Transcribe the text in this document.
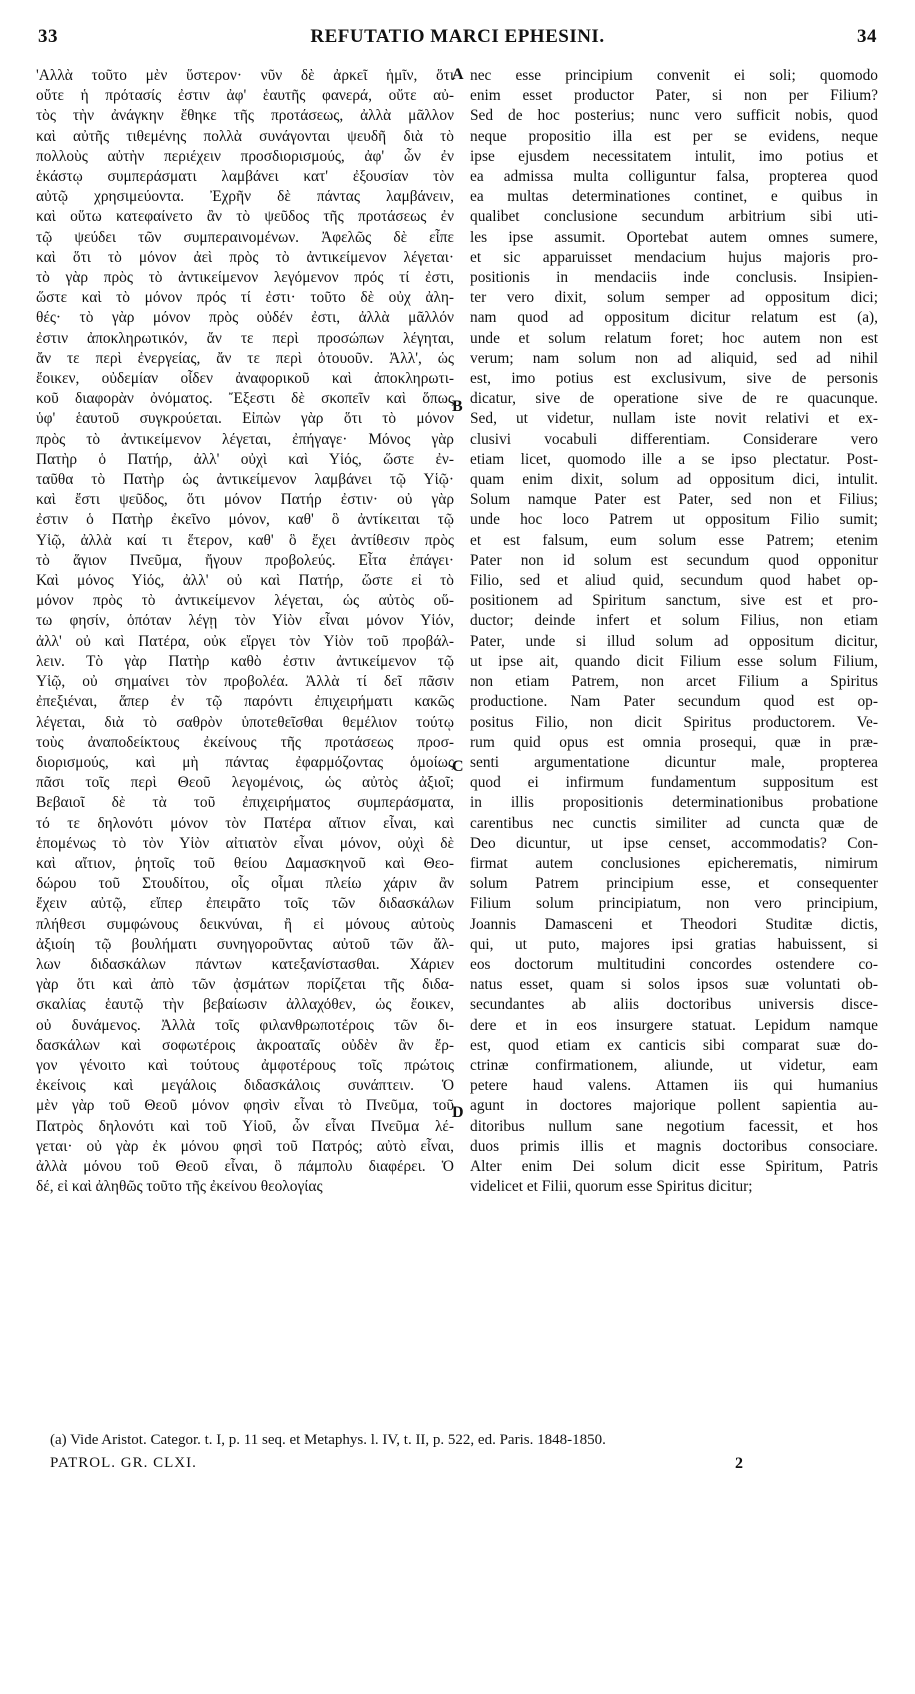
33	REFUTATIO MARCI EPHESINI.	34
'Αλλὰ τοῦτο μὲν ὕστερον· νῦν δὲ ἀρκεῖ ἡμῖν, ὅτι
οὔτε ἡ πρότασίς ἐστιν ἀφ' ἑαυτῆς φανερά, οὔτε αὐ-
τὸς τὴν ἀνάγκην ἔθηκε τῆς προτάσεως, ἀλλὰ μᾶλλον
καὶ αὐτῆς τιθεμένης πολλὰ συνάγονται ψευδῆ διὰ τὸ
πολλοὺς αὐτὴν περιέχειν προσδιορισμούς, ἀφ' ὧν ἐν
ἑκάστῳ συμπεράσματι λαμβάνει κατ' ἐξουσίαν τὸν
αὐτῷ χρησιμεύοντα. Ἐχρῆν δὲ πάντας λαμβάνειν,
καὶ οὕτω κατεφαίνετο ἂν τὸ ψεῦδος τῆς προτάσεως ἐν
τῷ ψεύδει τῶν συμπεραινομένων. Ἀφελῶς δὲ εἶπε
καὶ ὅτι τὸ μόνον ἀεὶ πρὸς τὸ ἀντικείμενον λέγεται·
τὸ γὰρ πρὸς τὸ ἀντικείμενον λεγόμενον πρός τί ἐστι,
ὥστε καὶ τὸ μόνον πρός τί ἐστι· τοῦτο δὲ οὐχ ἀλη-
θές· τὸ γὰρ μόνον πρὸς οὐδέν ἐστι, ἀλλὰ μᾶλλόν
ἐστιν ἀποκληρωτικόν, ἄν τε περὶ προσώπων λέγηται,
ἄν τε περὶ ἐνεργείας, ἄν τε περὶ ὁτουοῦν. Ἀλλ', ὡς
ἔοικεν, οὐδεμίαν οἶδεν ἀναφορικοῦ καὶ ἀποκληρωτι-
κοῦ διαφορὰν ὀνόματος. Ἔξεστι δὲ σκοπεῖν καὶ ὅπως
ὑφ' ἑαυτοῦ συγκρούεται. Εἰπὼν γὰρ ὅτι τὸ μόνον
πρὸς τὸ ἀντικείμενον λέγεται, ἐπήγαγε· Μόνος γὰρ
Πατὴρ ὁ Πατήρ, ἀλλ' οὐχὶ καὶ Υἱός, ὥστε ἐν-
ταῦθα τὸ Πατὴρ ὡς ἀντικείμενον λαμβάνει τῷ Υἱῷ·
καὶ ἔστι ψεῦδος, ὅτι μόνον Πατήρ ἐστιν· οὐ γὰρ
ἐστιν ὁ Πατὴρ ἐκεῖνο μόνον, καθ' ὃ ἀντίκειται τῷ
Υἱῷ, ἀλλὰ καί τι ἕτερον, καθ' ὃ ἔχει ἀντίθεσιν πρὸς
τὸ ἅγιον Πνεῦμα, ἤγουν προβολεύς. Εἶτα ἐπάγει·
Καὶ μόνος Υἱός, ἀλλ' οὐ καὶ Πατήρ, ὥστε εἰ τὸ
μόνον πρὸς τὸ ἀντικείμενον λέγεται, ὡς αὐτὸς οὕ-
τω φησίν, ὁπόταν λέγῃ τὸν Υἱὸν εἶναι μόνον Υἱόν,
ἀλλ' οὐ καὶ Πατέρα, οὐκ εἴργει τὸν Υἱὸν τοῦ προβάλ-
λειν. Τὸ γὰρ Πατὴρ καθὸ ἐστιν ἀντικείμενον τῷ
Υἱῷ, οὐ σημαίνει τὸν προβολέα. Ἀλλὰ τί δεῖ πᾶσιν
ἐπεξιέναι, ἅπερ ἐν τῷ παρόντι ἐπιχειρήματι κακῶς
λέγεται, διὰ τὸ σαθρὸν ὑποτεθεῖσθαι θεμέλιον τούτῳ
τοὺς ἀναποδείκτους ἐκείνους τῆς προτάσεως προσ-
διορισμούς, καὶ μὴ πάντας ἐφαρμόζοντας ὁμοίως
πᾶσι τοῖς περὶ Θεοῦ λεγομένοις, ὡς αὐτὸς ἀξιοῖ;
Βεβαιοῖ δὲ τὰ τοῦ ἐπιχειρήματος συμπεράσματα,
τό τε δηλονότι μόνον τὸν Πατέρα αἴτιον εἶναι, καὶ
ἑπομένως τὸ τὸν Υἱὸν αἰτιατὸν εἶναι μόνον, οὐχὶ δὲ
καὶ αἴτιον, ῥητοῖς τοῦ θείου Δαμασκηνοῦ καὶ Θεο-
δώρου τοῦ Στουδίτου, οἷς οἶμαι πλείω χάριν ἂν
ἔχειν αὐτῷ, εἴπερ ἐπειρᾶτο τοῖς τῶν διδασκάλων
πλήθεσι συμφώνους δεικνύναι, ἢ εἰ μόνους αὐτοὺς
ἀξιοίη τῷ βουλήματι συνηγοροῦντας αὐτοῦ τῶν ἄλ-
λων διδασκάλων πάντων κατεξανίστασθαι. Χάριεν
γὰρ ὅτι καὶ ἀπὸ τῶν ᾀσμάτων πορίζεται τῆς διδα-
σκαλίας ἑαυτῷ τὴν βεβαίωσιν ἀλλαχόθεν, ὡς ἔοικεν,
οὐ δυνάμενος. Ἀλλὰ τοῖς φιλανθρωποτέροις τῶν δι-
δασκάλων καὶ σοφωτέροις ἀκροαταῖς οὐδὲν ἂν ἔρ-
γον γένοιτο καὶ τούτους ἀμφοτέρους τοῖς πρώτοις
ἐκείνοις καὶ μεγάλοις διδασκάλοις συνάπτειν. Ὁ
μὲν γὰρ τοῦ Θεοῦ μόνον φησὶν εἶναι τὸ Πνεῦμα, τοῦ
Πατρὸς δηλονότι καὶ τοῦ Υἱοῦ, ὧν εἶναι Πνεῦμα λέ-
γεται· οὐ γὰρ ἐκ μόνου φησὶ τοῦ Πατρός; αὐτὸ εἶναι,
ἀλλὰ μόνου τοῦ Θεοῦ εἶναι, ὃ πάμπολυ διαφέρει. Ὁ
δέ, εἰ καὶ ἀληθῶς τοῦτο τῆς ἐκείνου θεολογίας
nec esse principium convenit ei soli; quomodo
enim esset productor Pater, si non per Filium?
Sed de hoc posterius; nunc vero sufficit nobis, quod
neque propositio illa est per se evidens, neque
ipse ejusdem necessitatem intulit, imo potius et
ea admissa multa colliguntur falsa, propterea quod
ea multas determinationes continet, e quibus in
qualibet conclusione secundum arbitrium sibi uti-
les ipse assumit. Oportebat autem omnes sumere,
et sic apparuisset mendacium hujus majoris pro-
positionis in mendaciis inde conclusis. Insipien-
ter vero dixit, solum semper ad oppositum dici;
nam quod ad oppositum dicitur relatum est (a),
unde et solum relatum foret; hoc autem non est
verum; nam solum non ad aliquid, sed ad nihil
est, imo potius est exclusivum, sive de personis
dicatur, sive de operatione sive de re quacunque.
Sed, ut videtur, nullam iste novit relativi et ex-
clusivi vocabuli differentiam. Considerare vero
etiam licet, quomodo ille a se ipso plectatur. Post-
quam enim dixit, solum ad oppositum dici, intulit.
Solum namque Pater est Pater, sed non et Filius;
unde hoc loco Patrem ut oppositum Filio sumit;
et est falsum, eum solum esse Patrem; etenim
Pater non id solum est secundum quod opponitur
Filio, sed et aliud quid, secundum quod habet op-
positionem ad Spiritum sanctum, sive est et pro-
ductor; deinde infert et solum Filius, non etiam
Pater, unde si illud solum ad oppositum dicitur,
ut ipse ait, quando dicit Filium esse solum Filium,
non etiam Patrem, non arcet Filium a Spiritus
productione. Nam Pater secundum quod est op-
positus Filio, non dicit Spiritus productorem. Ve-
rum quid opus est omnia prosequi, quæ in præ-
senti argumentatione dicuntur male, propterea
quod ei infirmum fundamentum suppositum est
in illis propositionis determinationibus probatione
carentibus nec cunctis similiter ad cuncta quæ de
Deo dicuntur, ut ipse censet, accommodatis? Con-
firmat autem conclusiones epicherematis, nimirum
solum Patrem principium esse, et consequenter
Filium solum principiatum, non vero principium,
Joannis Damasceni et Theodori Studitæ dictis,
qui, ut puto, majores ipsi gratias habuissent, si
eos doctorum multitudini concordes ostendere co-
natus esset, quam si solos ipsos suæ voluntati ob-
secundantes ab aliis doctoribus universis disce-
dere et in eos insurgere statuat. Lepidum namque
est, quod etiam ex canticis sibi comparat suæ do-
ctrinæ confirmationem, aliunde, ut videtur, eam
petere haud valens. Attamen iis qui humanius
agunt in doctores majorique pollent sapientia au-
ditoribus nullum sane negotium facessit, et hos
duos primis illis et magnis doctoribus consociare.
Alter enim Dei solum dicit esse Spiritum, Patris
videlicet et Filii, quorum esse Spiritus dicitur;
A
B
C
D
(a) Vide Aristot. Categor. t. I, p. 11 seq. et Metaphys. l. IV, t. II, p. 522, ed. Paris. 1848-1850.
PATROL. GR. CLXI.	2
